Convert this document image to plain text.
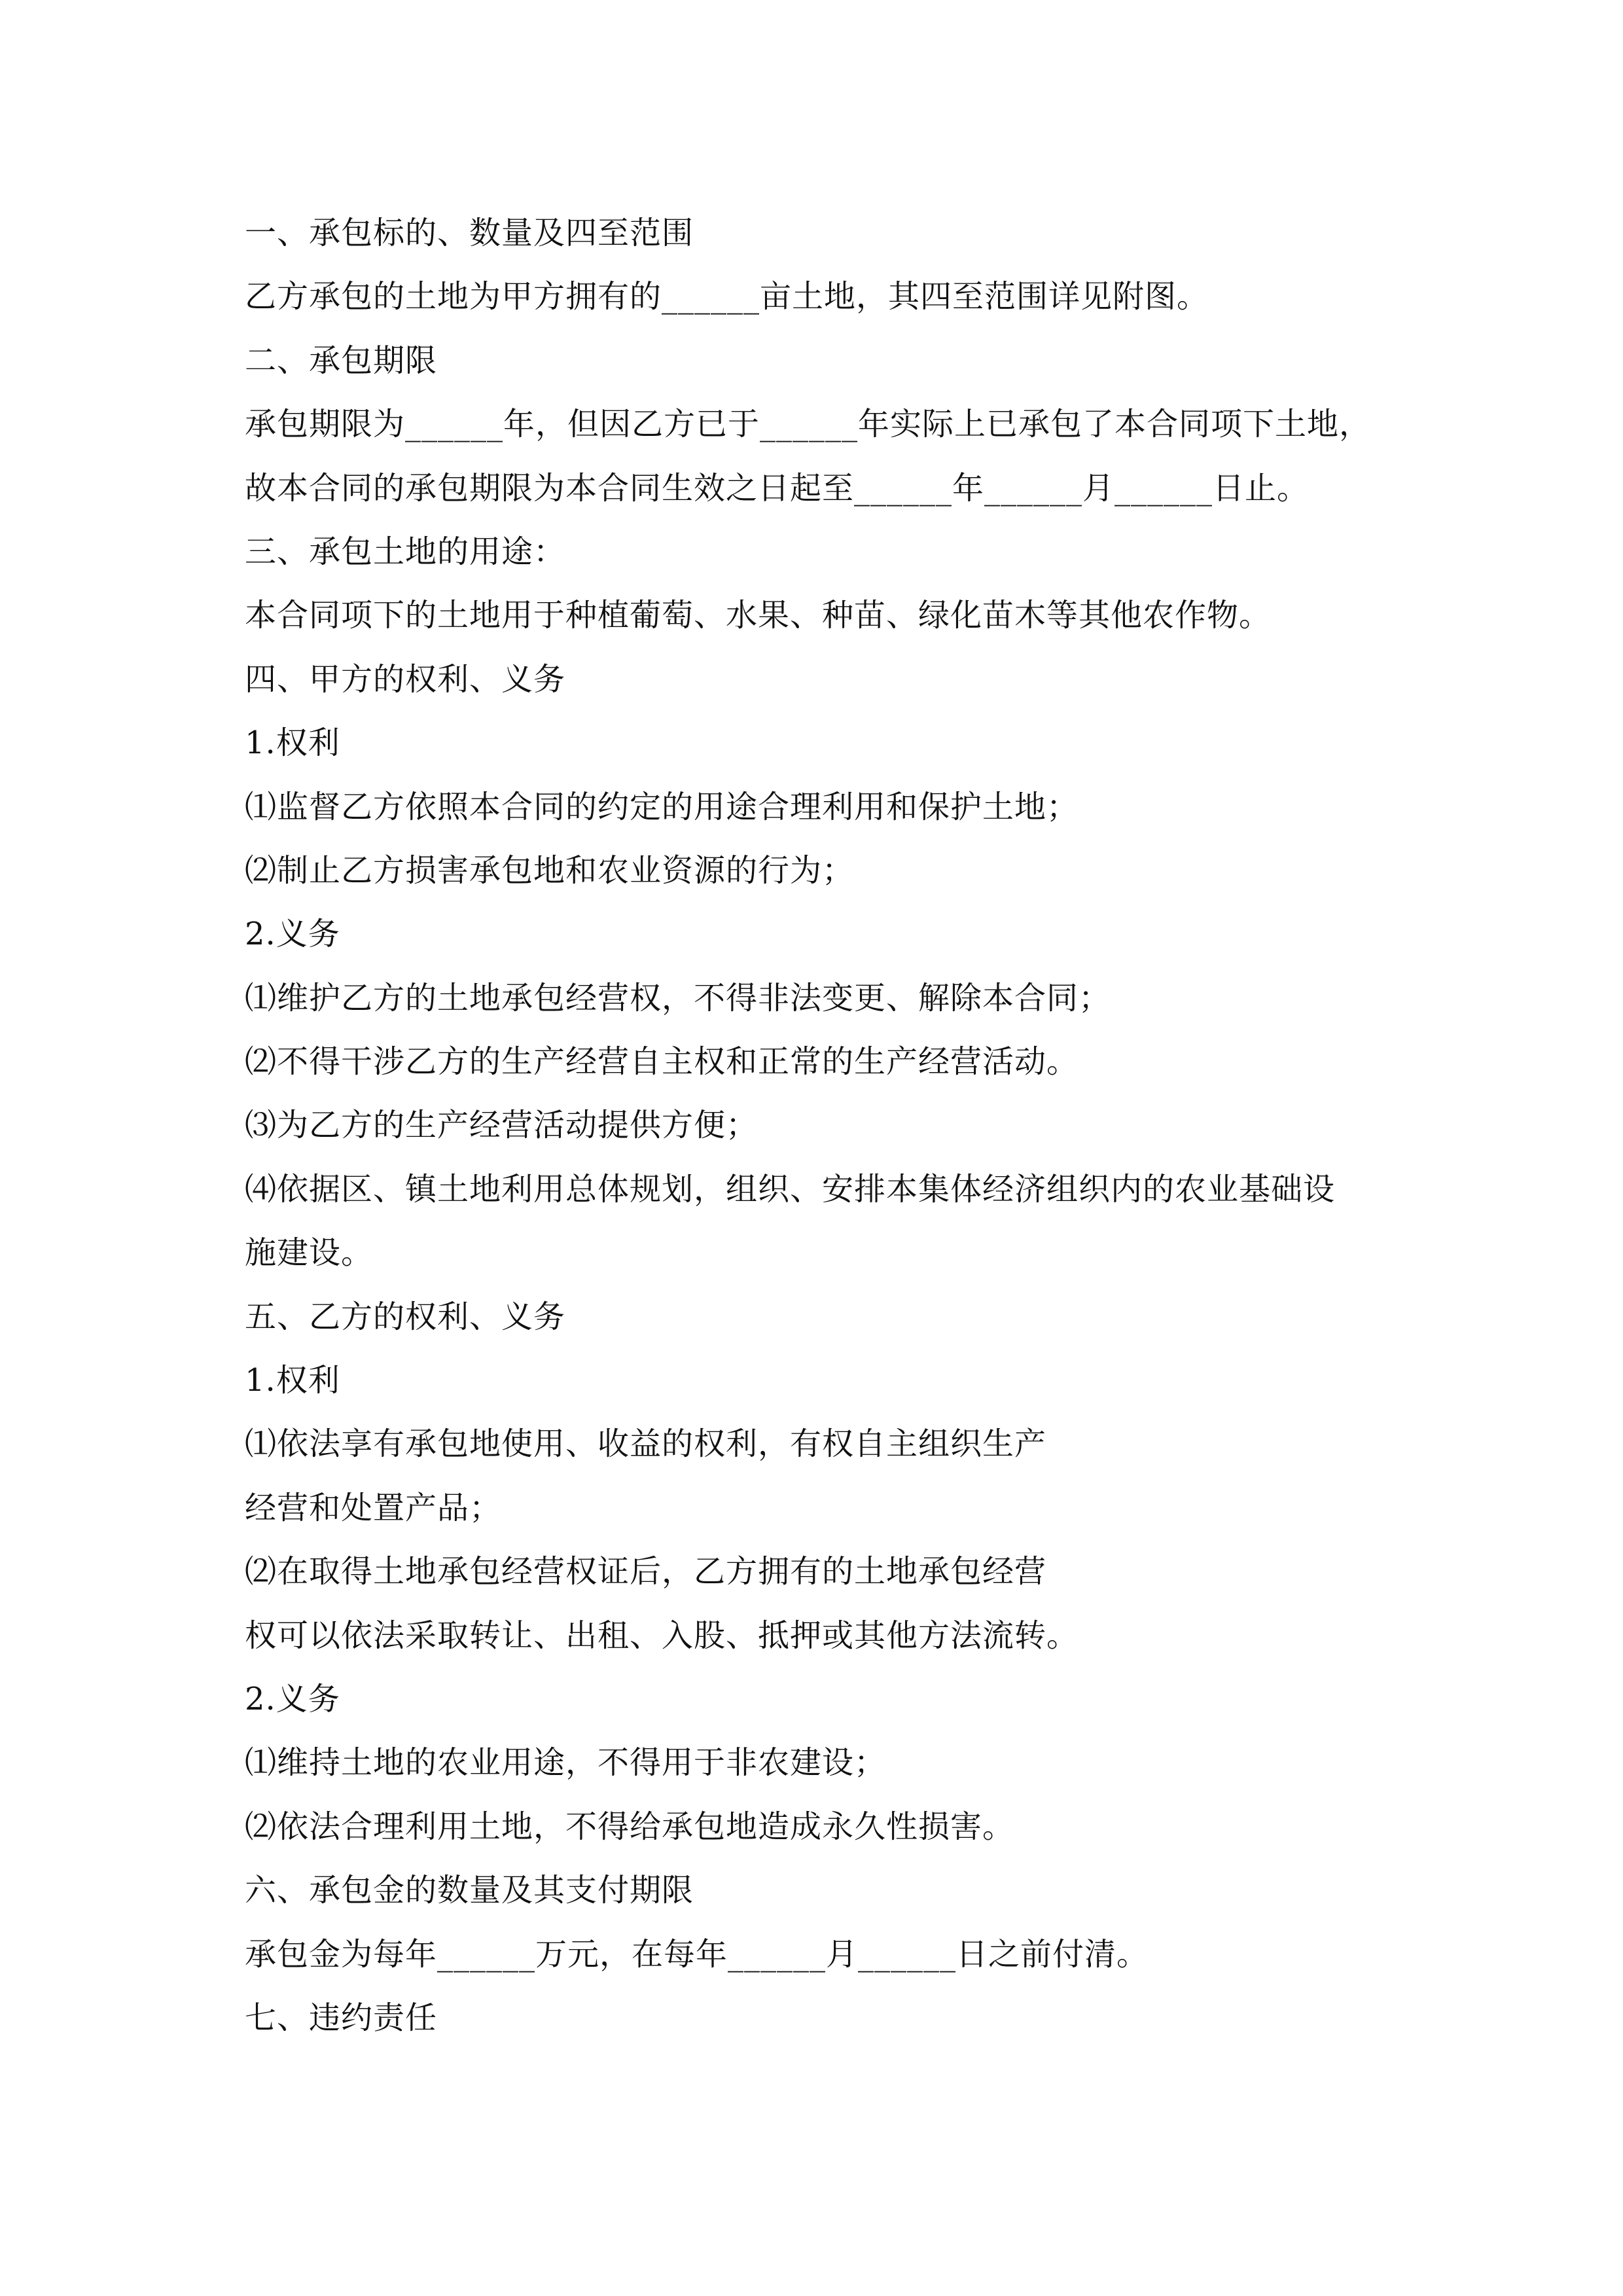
一、承包标的、数量及四至范围
乙方承包的土地为甲方拥有的______亩土地，其四至范围详见附图。
二、承包期限
承包期限为______年，但因乙方已于______年实际上已承包了本合同项下土地，
故本合同的承包期限为本合同生效之日起至______年______月______日止。
三、承包土地的用途：
本合同项下的土地用于种植葡萄、水果、种苗、绿化苗木等其他农作物。
四、甲方的权利、义务
1.权利
⑴监督乙方依照本合同的约定的用途合理利用和保护土地；
⑵制止乙方损害承包地和农业资源的行为；
2.义务
⑴维护乙方的土地承包经营权，不得非法变更、解除本合同；
⑵不得干涉乙方的生产经营自主权和正常的生产经营活动。
⑶为乙方的生产经营活动提供方便；
⑷依据区、镇土地利用总体规划，组织、安排本集体经济组织内的农业基础设
施建设。
五、乙方的权利、义务
1.权利
⑴依法享有承包地使用、收益的权利，有权自主组织生产
经营和处置产品；
⑵在取得土地承包经营权证后，乙方拥有的土地承包经营
权可以依法采取转让、出租、入股、抵押或其他方法流转。
2.义务
⑴维持土地的农业用途，不得用于非农建设；
⑵依法合理利用土地，不得给承包地造成永久性损害。
六、承包金的数量及其支付期限
承包金为每年______万元，在每年______月______日之前付清。
七、违约责任
